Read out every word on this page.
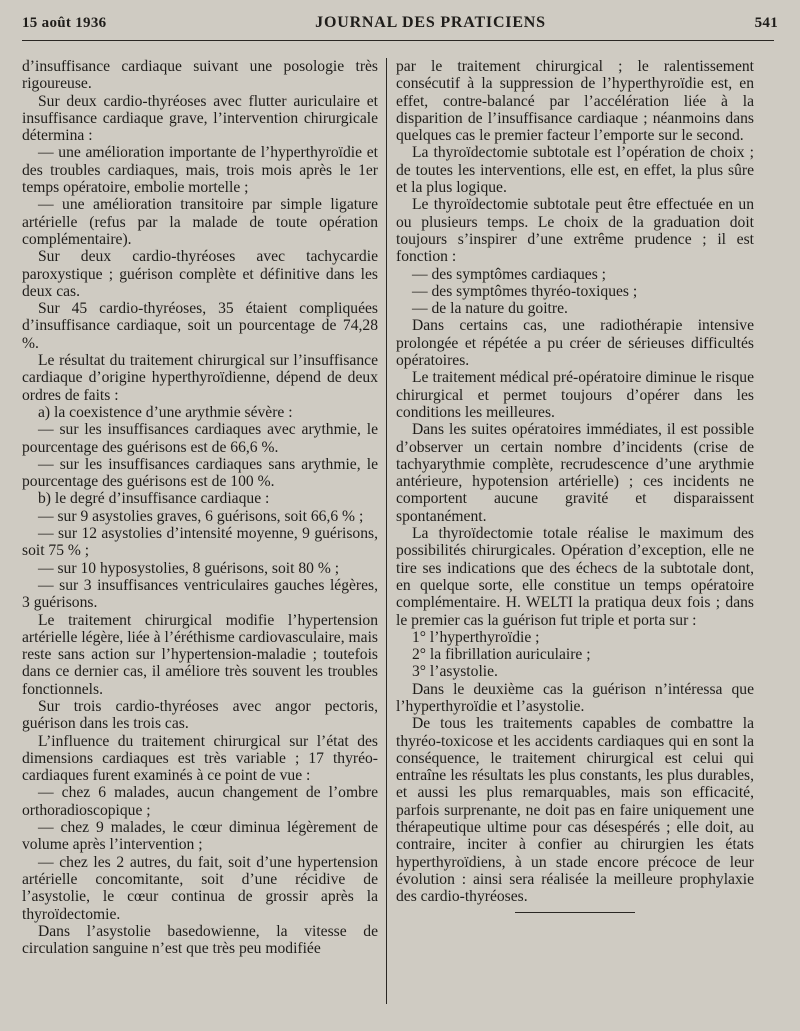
15 août 1936	JOURNAL DES PRATICIENS	541

d’insuffisance cardiaque suivant une posologie très rigoureuse.

Sur deux cardio-thyréoses avec flutter auriculaire et insuffisance cardiaque grave, l’intervention chirurgicale détermina :

— une amélioration importante de l’hyperthyroïdie et des troubles cardiaques, mais, trois mois après le 1er temps opératoire, embolie mortelle ;

— une amélioration transitoire par simple ligature artérielle (refus par la malade de toute opération complémentaire).

Sur deux cardio-thyréoses avec tachycardie paroxystique ; guérison complète et définitive dans les deux cas.

Sur 45 cardio-thyréoses, 35 étaient compliquées d’insuffisance cardiaque, soit un pourcentage de 74,28 %.

Le résultat du traitement chirurgical sur l’insuffisance cardiaque d’origine hyperthyroïdienne, dépend de deux ordres de faits :

a) la coexistence d’une arythmie sévère :

— sur les insuffisances cardiaques avec arythmie, le pourcentage des guérisons est de 66,6 %.

— sur les insuffisances cardiaques sans arythmie, le pourcentage des guérisons est de 100 %.

b) le degré d’insuffisance cardiaque :

— sur 9 asystolies graves, 6 guérisons, soit 66,6 % ;

— sur 12 asystolies d’intensité moyenne, 9 guérisons, soit 75 % ;

— sur 10 hyposystolies, 8 guérisons, soit 80 % ;

— sur 3 insuffisances ventriculaires gauches légères, 3 guérisons.

Le traitement chirurgical modifie l’hypertension artérielle légère, liée à l’éréthisme cardiovasculaire, mais reste sans action sur l’hypertension-maladie ; toutefois dans ce dernier cas, il améliore très souvent les troubles fonctionnels.

Sur trois cardio-thyréoses avec angor pectoris, guérison dans les trois cas.

L’influence du traitement chirurgical sur l’état des dimensions cardiaques est très variable ; 17 thyréo-cardiaques furent examinés à ce point de vue :

— chez 6 malades, aucun changement de l’ombre orthoradioscopique ;

— chez 9 malades, le cœur diminua légèrement de volume après l’intervention ;

— chez les 2 autres, du fait, soit d’une hypertension artérielle concomitante, soit d’une récidive de l’asystolie, le cœur continua de grossir après la thyroïdectomie.

Dans l’asystolie basedowienne, la vitesse de circulation sanguine n’est que très peu modifiée

par le traitement chirurgical ; le ralentissement consécutif à la suppression de l’hyperthyroïdie est, en effet, contre-balancé par l’accélération liée à la disparition de l’insuffisance cardiaque ; néanmoins dans quelques cas le premier facteur l’emporte sur le second.

La thyroïdectomie subtotale est l’opération de choix ; de toutes les interventions, elle est, en effet, la plus sûre et la plus logique.

Le thyroïdectomie subtotale peut être effectuée en un ou plusieurs temps. Le choix de la graduation doit toujours s’inspirer d’une extrême prudence ; il est fonction :

— des symptômes cardiaques ;

— des symptômes thyréo-toxiques ;

— de la nature du goitre.

Dans certains cas, une radiothérapie intensive prolongée et répétée a pu créer de sérieuses difficultés opératoires.

Le traitement médical pré-opératoire diminue le risque chirurgical et permet toujours d’opérer dans les conditions les meilleures.

Dans les suites opératoires immédiates, il est possible d’observer un certain nombre d’incidents (crise de tachyarythmie complète, recrudescence d’une arythmie antérieure, hypotension artérielle) ; ces incidents ne comportent aucune gravité et disparaissent spontanément.

La thyroïdectomie totale réalise le maximum des possibilités chirurgicales. Opération d’exception, elle ne tire ses indications que des échecs de la subtotale dont, en quelque sorte, elle constitue un temps opératoire complémentaire. H. WELTI la pratiqua deux fois ; dans le premier cas la guérison fut triple et porta sur :

1° l’hyperthyroïdie ;

2° la fibrillation auriculaire ;

3° l’asystolie.

Dans le deuxième cas la guérison n’intéressa que l’hyperthyroïdie et l’asystolie.

De tous les traitements capables de combattre la thyréo-toxicose et les accidents cardiaques qui en sont la conséquence, le traitement chirurgical est celui qui entraîne les résultats les plus constants, les plus durables, et aussi les plus remarquables, mais son efficacité, parfois surprenante, ne doit pas en faire uniquement une thérapeutique ultime pour cas désespérés ; elle doit, au contraire, inciter à confier au chirurgien les états hyperthyroïdiens, à un stade encore précoce de leur évolution : ainsi sera réalisée la meilleure prophylaxie des cardio-thyréoses.
